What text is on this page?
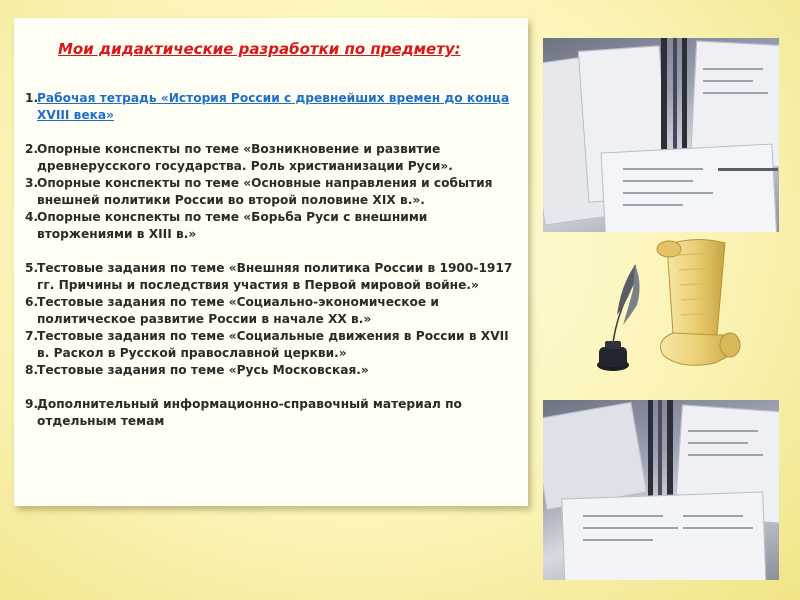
Мои дидактические разработки по предмету:
1.
Рабочая тетрадь «История России с древнейших времен до конца XVIII века»
2.
Опорные конспекты по теме «Возникновение и развитие древнерусского государства. Роль христианизации Руси».
3.
Опорные конспекты по теме «Основные направления и события внешней политики России во второй половине XIX в.».
4.
Опорные конспекты по теме «Борьба Руси с внешними вторжениями в XIII в.»
5.
Тестовые задания по теме «Внешняя политика России в 1900-1917 гг. Причины и последствия участия в Первой мировой войне.»
6.
Тестовые задания по теме «Социально-экономическое и политическое развитие России в начале XX в.»
7.
Тестовые задания по теме «Социальные движения в России в XVII в. Раскол в Русской православной церкви.»
8.
Тестовые задания по теме «Русь Московская.»
9.
Дополнительный информационно-справочный материал по отдельным темам
